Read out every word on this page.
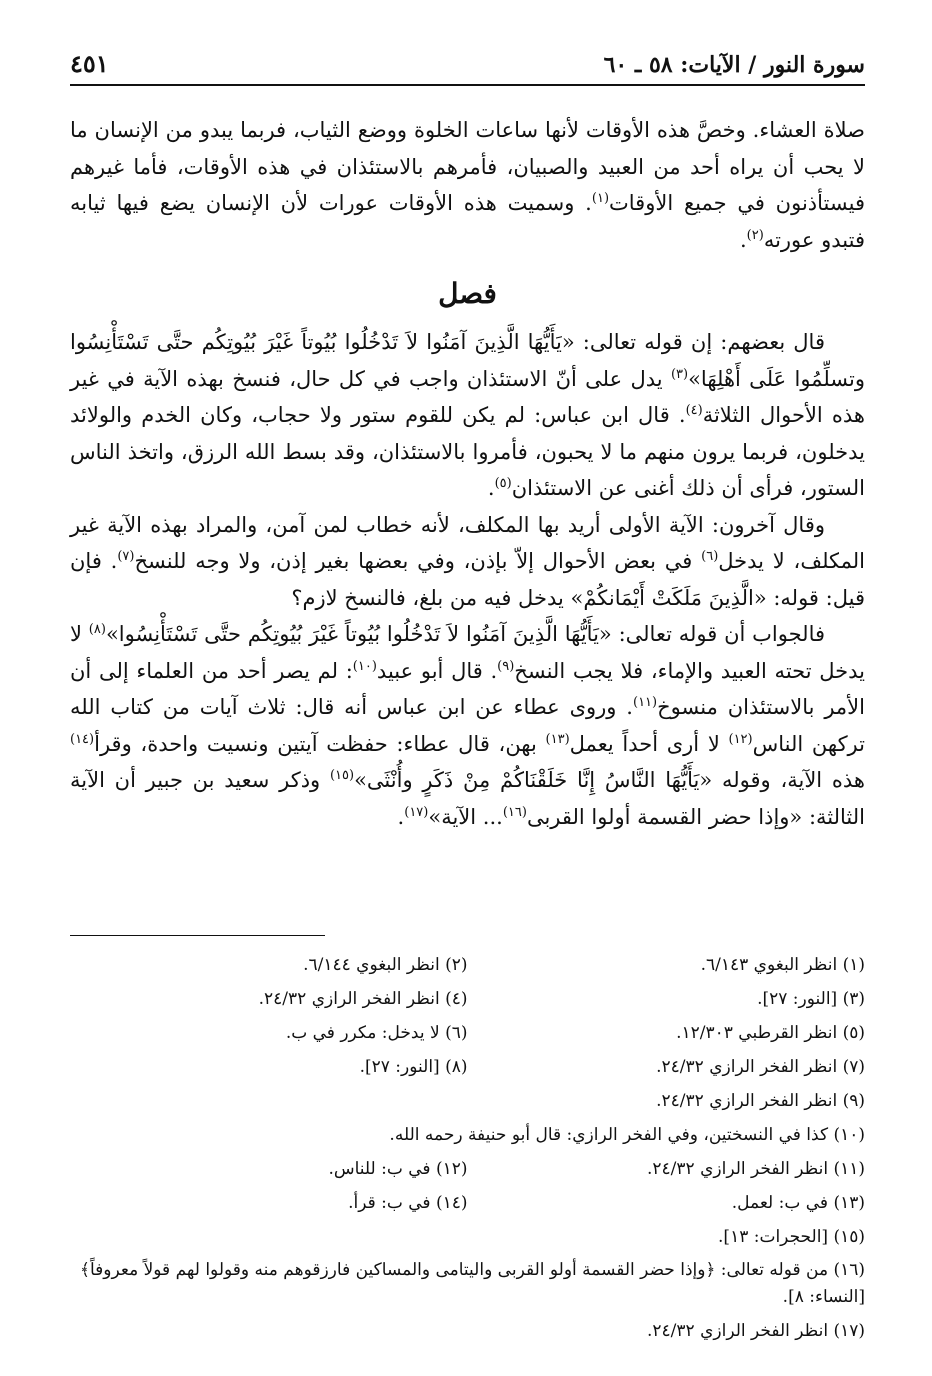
سورة النور / الآيات: ٥٨ ـ ٦٠
٤٥١

صلاة العشاء. وخصَّ هذه الأوقات لأنها ساعات الخلوة ووضع الثياب، فربما يبدو من الإنسان ما لا يحب أن يراه أحد من العبيد والصبيان، فأمرهم بالاستئذان في هذه الأوقات، فأما غيرهم فيستأذنون في جميع الأوقات$^{(١)}$. وسميت هذه الأوقات عورات لأن الإنسان يضع فيها ثيابه فتبدو عورته$^{(٢)}$.

فصل

قال بعضهم: إن قوله تعالى: «يَأَيُّهَا الَّذِينَ آمَنُوا لاَ تَدْخُلُوا بُيُوتاً غَيْرَ بُيُوتِكُم حتَّى تَسْتَأْنِسُوا وتسلِّمُوا عَلَى أَهْلِهَا»$^{(٣)}$ يدل على أنّ الاستئذان واجب في كل حال، فنسخ بهذه الآية في غير هذه الأحوال الثلاثة$^{(٤)}$. قال ابن عباس: لم يكن للقوم ستور ولا حجاب، وكان الخدم والولائد يدخلون، فربما يرون منهم ما لا يحبون، فأمروا بالاستئذان، وقد بسط الله الرزق، واتخذ الناس الستور، فرأى أن ذلك أغنى عن الاستئذان$^{(٥)}$.

وقال آخرون: الآية الأولى أريد بها المكلف، لأنه خطاب لمن آمن، والمراد بهذه الآية غير المكلف، لا يدخل$^{(٦)}$ في بعض الأحوال إلاّ بإذن، وفي بعضها بغير إذن، ولا وجه للنسخ$^{(٧)}$. فإن قيل: قوله: «الَّذِينَ مَلَكَتْ أَيْمَانكُمْ» يدخل فيه من بلغ، فالنسخ لازم؟

فالجواب أن قوله تعالى: «يَأَيُّهَا الَّذِينَ آمَنُوا لاَ تَدْخُلُوا بُيُوتاً غَيْرَ بُيُوتِكُم حتَّى تَسْتَأْنِسُوا»$^{(٨)}$ لا يدخل تحته العبيد والإماء، فلا يجب النسخ$^{(٩)}$. قال أبو عبيد$^{(١٠)}$: لم يصر أحد من العلماء إلى أن الأمر بالاستئذان منسوخ$^{(١١)}$. وروى عطاء عن ابن عباس أنه قال: ثلاث آيات من كتاب الله تركهن الناس$^{(١٢)}$ لا أرى أحداً يعمل$^{(١٣)}$ بهن، قال عطاء: حفظت آيتين ونسيت واحدة، وقرأ$^{(١٤)}$ هذه الآية، وقوله «يَأَيُّهَا النَّاسُ إِنَّا خَلَقْنَاكُمْ مِنْ ذَكَرٍ وأُنْثَى»$^{(١٥)}$ وذكر سعيد بن جبير أن الآية الثالثة: «وإذا حضر القسمة أولوا القربى$^{(١٦)}$... الآية»$^{(١٧)}$.

(١) انظر البغوي ٦/١٤٣.
(٢) انظر البغوي ٦/١٤٤.
(٣) [النور: ٢٧].
(٤) انظر الفخر الرازي ٢٤/٣٢.
(٥) انظر القرطبي ١٢/٣٠٣.
(٦) لا يدخل: مكرر في ب.
(٧) انظر الفخر الرازي ٢٤/٣٢.
(٨) [النور: ٢٧].
(٩) انظر الفخر الرازي ٢٤/٣٢.
(١٠) كذا في النسختين، وفي الفخر الرازي: قال أبو حنيفة رحمه الله.
(١١) انظر الفخر الرازي ٢٤/٣٢.
(١٢) في ب: للناس.
(١٣) في ب: لعمل.
(١٤) في ب: قرأ.
(١٥) [الحجرات: ١٣].
(١٦) من قوله تعالى: ﴿وإذا حضر القسمة أولو القربى واليتامى والمساكين فارزقوهم منه وقولوا لهم قولاً معروفاً﴾ [النساء: ٨].
(١٧) انظر الفخر الرازي ٢٤/٣٢.
